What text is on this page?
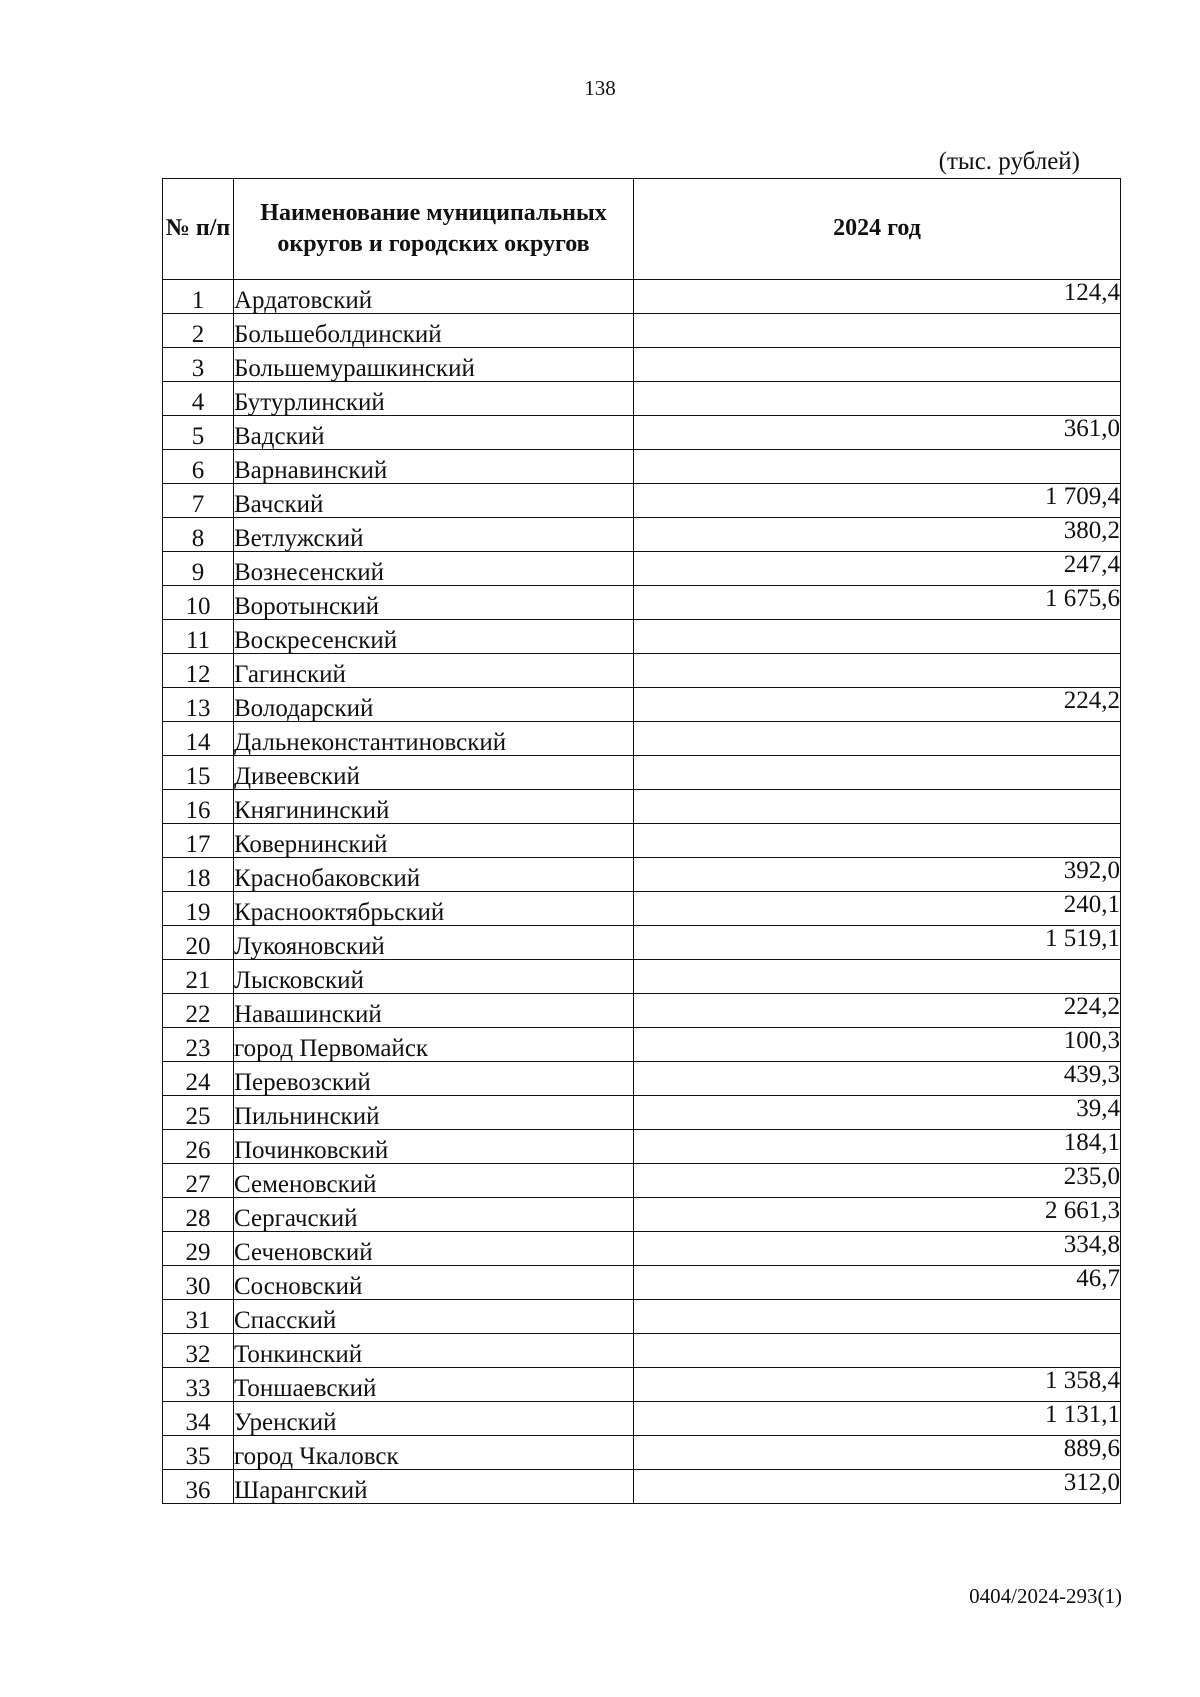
138
(тыс. рублей)
№ п/п	Наименование муниципальных округов и городских округов	2024 год
1	Ардатовский	124,4
2	Большеболдинский	
3	Большемурашкинский	
4	Бутурлинский	
5	Вадский	361,0
6	Варнавинский	
7	Вачский	1 709,4
8	Ветлужский	380,2
9	Вознесенский	247,4
10	Воротынский	1 675,6
11	Воскресенский	
12	Гагинский	
13	Володарский	224,2
14	Дальнеконстантиновский	
15	Дивеевский	
16	Княгининский	
17	Ковернинский	
18	Краснобаковский	392,0
19	Краснооктябрьский	240,1
20	Лукояновский	1 519,1
21	Лысковский	
22	Навашинский	224,2
23	город Первомайск	100,3
24	Перевозский	439,3
25	Пильнинский	39,4
26	Починковский	184,1
27	Семеновский	235,0
28	Сергачский	2 661,3
29	Сеченовский	334,8
30	Сосновский	46,7
31	Спасский	
32	Тонкинский	
33	Тоншаевский	1 358,4
34	Уренский	1 131,1
35	город Чкаловск	889,6
36	Шарангский	312,0
0404/2024-293(1)
